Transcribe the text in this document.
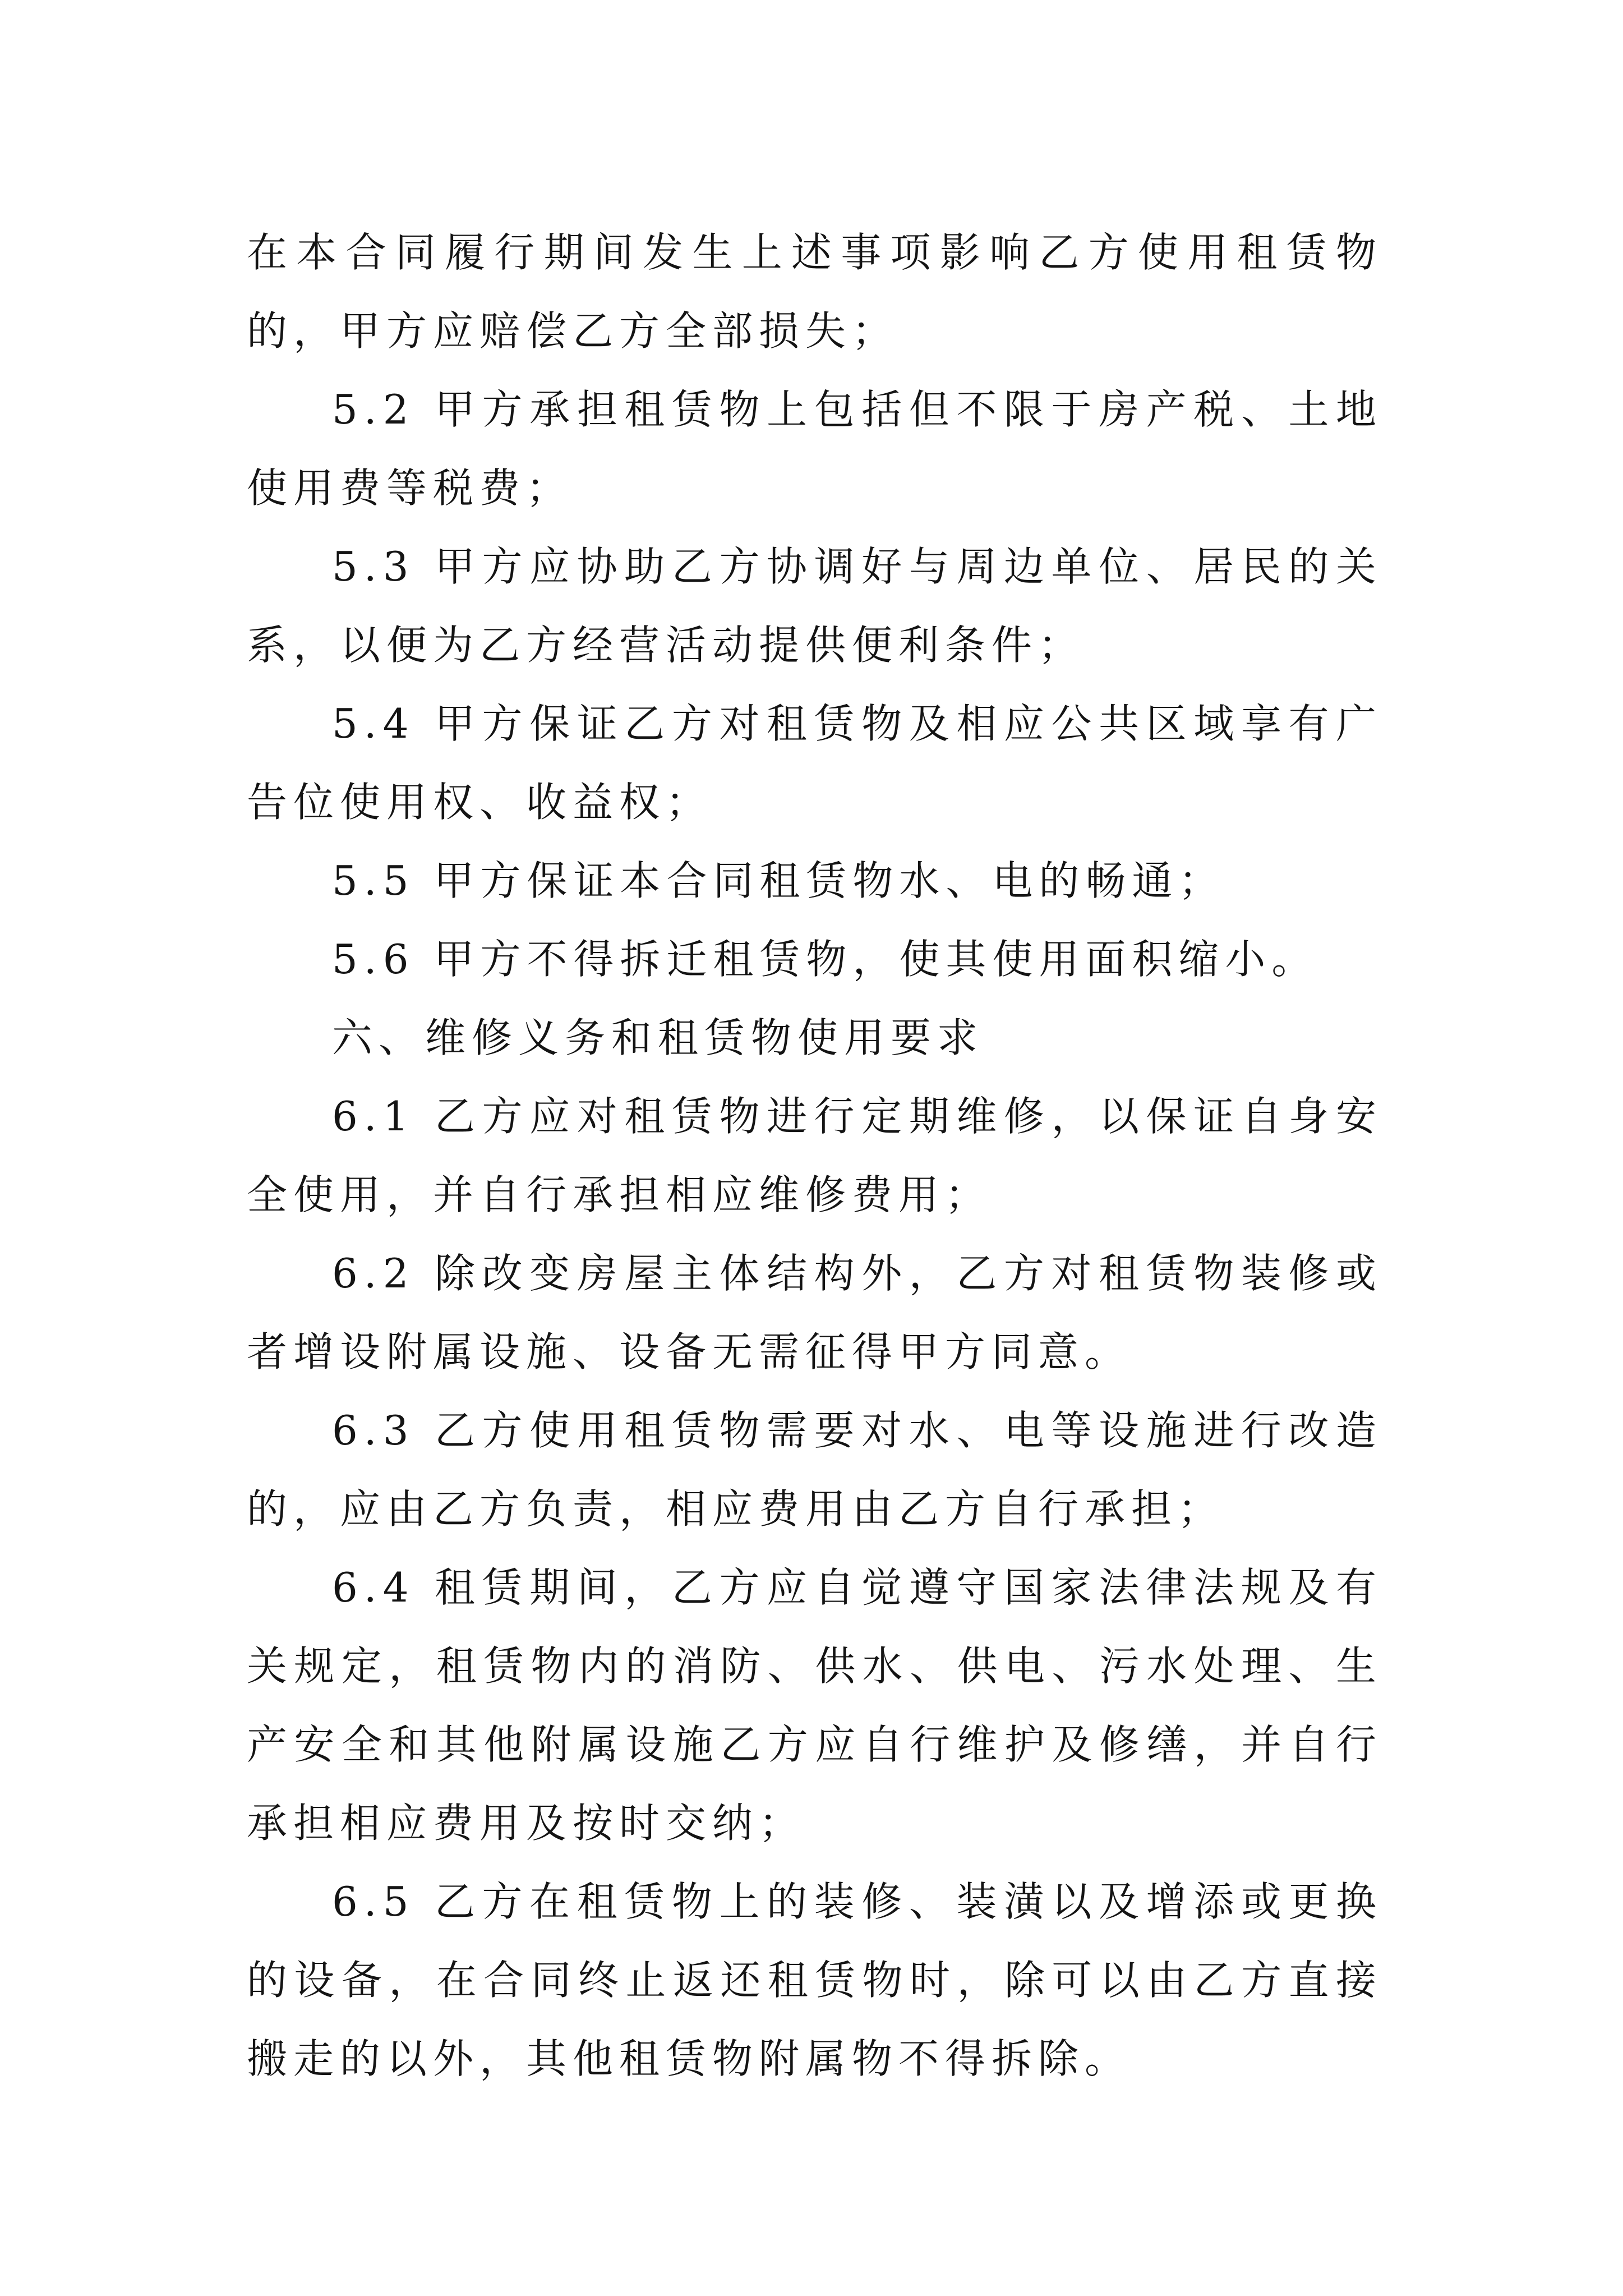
在本合同履行期间发生上述事项影响乙方使用租赁物的，甲方应赔偿乙方全部损失；

5.2 甲方承担租赁物上包括但不限于房产税、土地使用费等税费；

5.3 甲方应协助乙方协调好与周边单位、居民的关系，以便为乙方经营活动提供便利条件；

5.4 甲方保证乙方对租赁物及相应公共区域享有广告位使用权、收益权；

5.5 甲方保证本合同租赁物水、电的畅通；

5.6 甲方不得拆迁租赁物，使其使用面积缩小。

六、维修义务和租赁物使用要求

6.1 乙方应对租赁物进行定期维修，以保证自身安全使用，并自行承担相应维修费用；

6.2 除改变房屋主体结构外，乙方对租赁物装修或者增设附属设施、设备无需征得甲方同意。

6.3 乙方使用租赁物需要对水、电等设施进行改造的，应由乙方负责，相应费用由乙方自行承担；

6.4 租赁期间，乙方应自觉遵守国家法律法规及有关规定，租赁物内的消防、供水、供电、污水处理、生产安全和其他附属设施乙方应自行维护及修缮，并自行承担相应费用及按时交纳；

6.5 乙方在租赁物上的装修、装潢以及增添或更换的设备，在合同终止返还租赁物时，除可以由乙方直接搬走的以外，其他租赁物附属物不得拆除。
